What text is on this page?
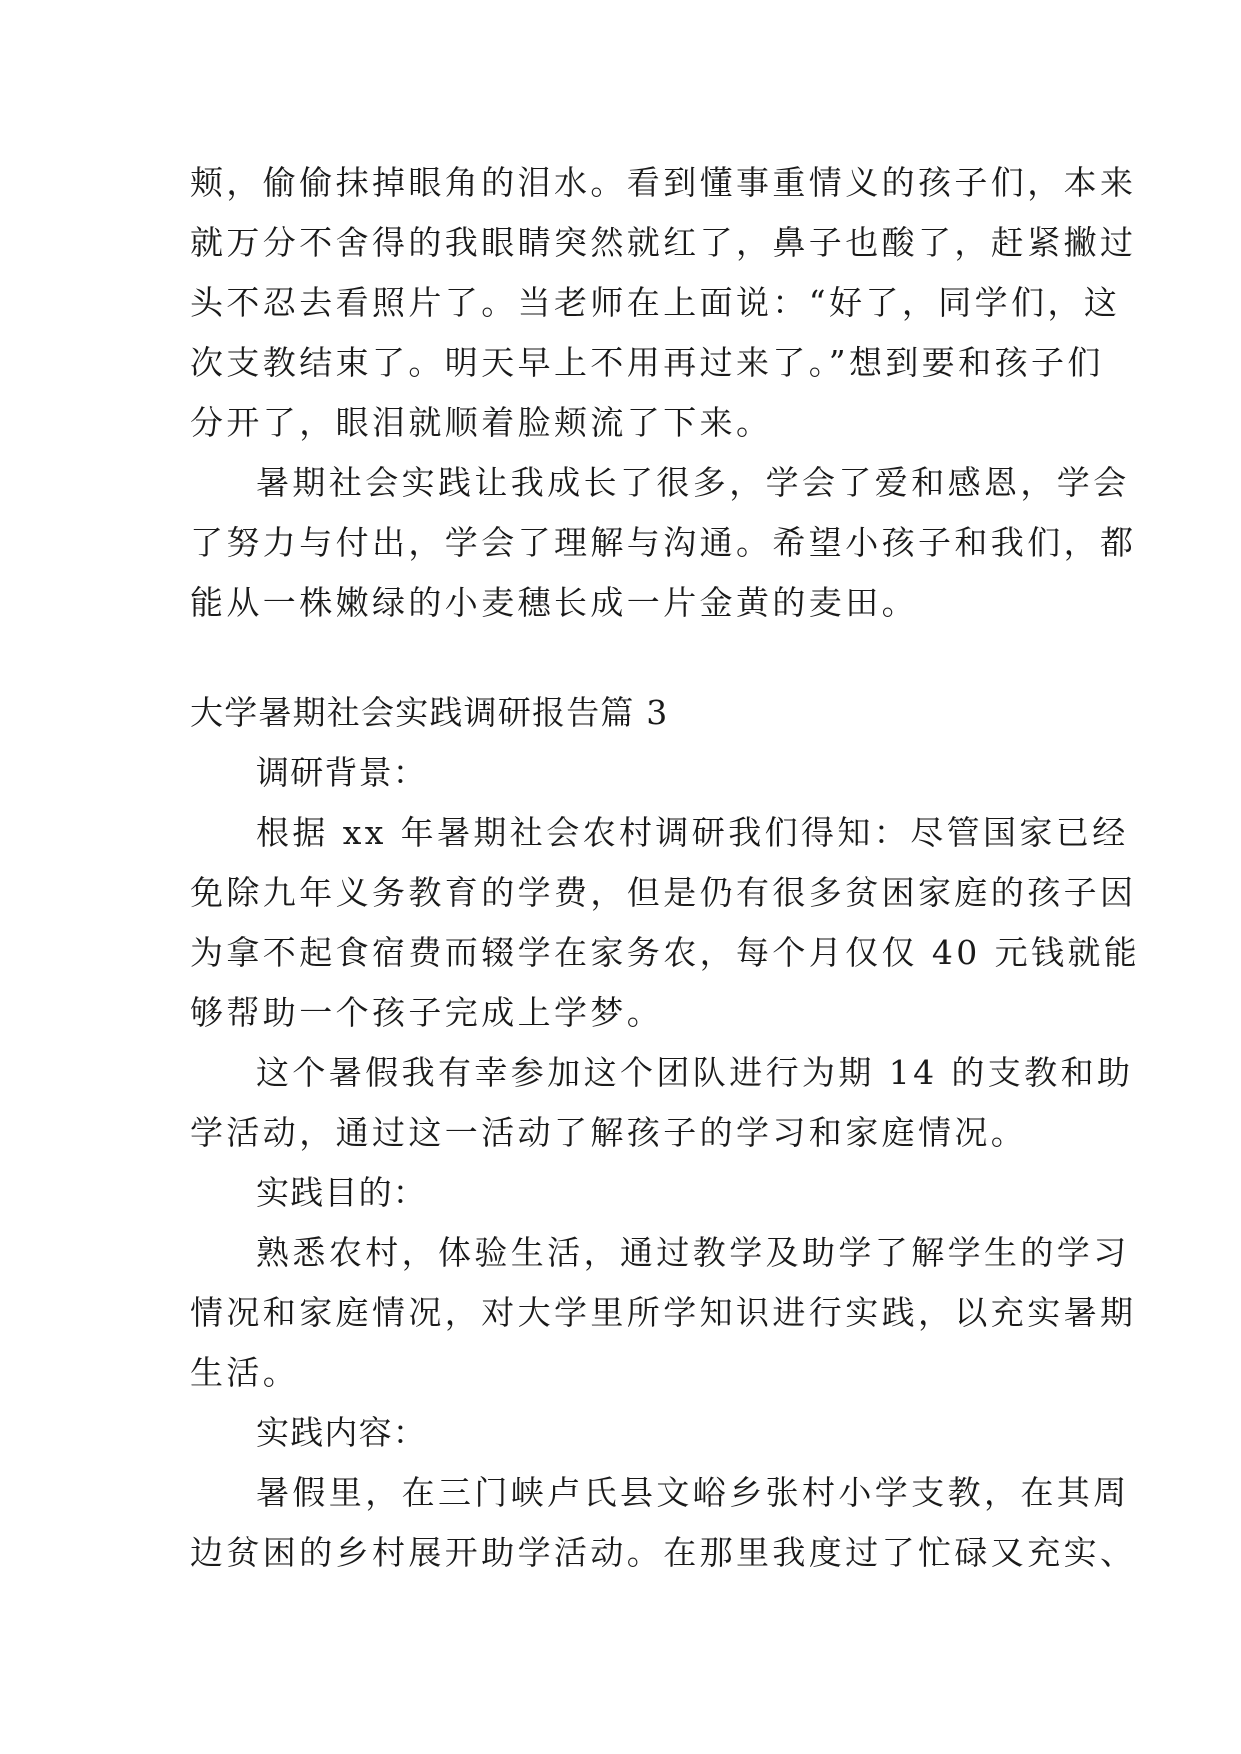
颊，偷偷抹掉眼角的泪水。看到懂事重情义的孩子们，本来
就万分不舍得的我眼睛突然就红了，鼻子也酸了，赶紧撇过
头不忍去看照片了。当老师在上面说：“好了，同学们，这
次支教结束了。明天早上不用再过来了。”想到要和孩子们
分开了，眼泪就顺着脸颊流了下来。
暑期社会实践让我成长了很多，学会了爱和感恩，学会
了努力与付出，学会了理解与沟通。希望小孩子和我们，都
能从一株嫩绿的小麦穗长成一片金黄的麦田。
大学暑期社会实践调研报告篇 3
调研背景：
根据 xx 年暑期社会农村调研我们得知：尽管国家已经
免除九年义务教育的学费，但是仍有很多贫困家庭的孩子因
为拿不起食宿费而辍学在家务农，每个月仅仅 40 元钱就能
够帮助一个孩子完成上学梦。
这个暑假我有幸参加这个团队进行为期 14 的支教和助
学活动，通过这一活动了解孩子的学习和家庭情况。
实践目的：
熟悉农村，体验生活，通过教学及助学了解学生的学习
情况和家庭情况，对大学里所学知识进行实践，以充实暑期
生活。
实践内容：
暑假里，在三门峡卢氏县文峪乡张村小学支教，在其周
边贫困的乡村展开助学活动。在那里我度过了忙碌又充实、
